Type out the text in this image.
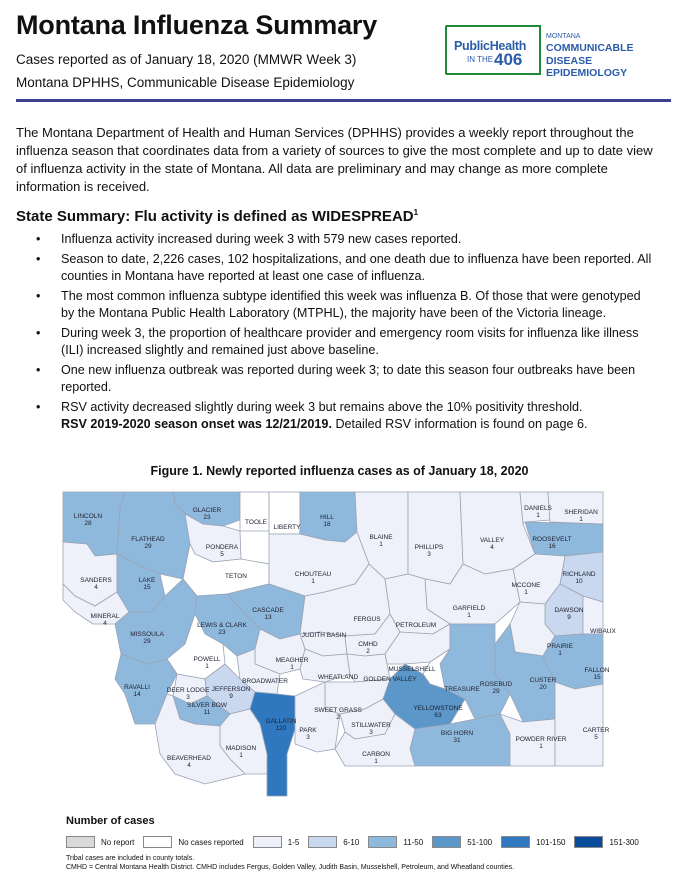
Montana Influenza Summary
Cases reported as of January 18, 2020 (MMWR Week 3)
Montana DPHHS, Communicable Disease Epidemiology
PublicHealth
IN THE 406
MONTANA
COMMUNICABLE
DISEASE EPIDEMIOLOGY
The Montana Department of Health and Human Services (DPHHS) provides a weekly report throughout the influenza season that coordinates data from a variety of sources to give the most complete and up to date view of influenza activity in the state of Montana. All data are preliminary and may change as more complete information is received.
State Summary: Flu activity is defined as WIDESPREAD$^1$
• Influenza activity increased during week 3 with 579 new cases reported.
• Season to date, 2,226 cases, 102 hospitalizations, and one death due to influenza have been reported. All counties in Montana have reported at least one case of influenza.
• The most common influenza subtype identified this week was influenza B. Of those that were genotyped by the Montana Public Health Laboratory (MTPHL), the majority have been of the Victoria lineage.
• During week 3, the proportion of healthcare provider and emergency room visits for influenza like illness (ILI) increased slightly and remained just above baseline.
• One new influenza outbreak was reported during week 3; to date this season four outbreaks have been reported.
• RSV activity decreased slightly during week 3 but remains above the 10% positivity threshold.
RSV 2019-2020 season onset was 12/21/2019. Detailed RSV information is found on page 6.
Figure 1. Newly reported influenza cases as of January 18, 2020
LINCOLN 28
GLACIER 23
TOOLE
LIBERTY
HILL 18
BLAINE 1	PHILLIPS 3
VALLEY 4
DANIELS 1	SHERIDAN 1
ROOSEVELT 16
FLATHEAD 29	PONDERA 5
TETON	CHOUTEAU 1
SANDERS 4
LAKE 15
RICHLAND 10
MCCONE 1
GARFIELD 1
DAWSON 9
MINERAL 4
CASCADE 13	FERGUS
PETROLEUM
JUDITH BASIN
WIBAUX
LEWIS & CLARK 23
MISSOULA 29	CMHD 2
PRAIRIE 1
POWELL 1
MEAGHER 1	MUSSELSHELL	FALLON 15
WHEATLAND GOLDEN VALLEY
RAVALLI 14
BROADWATER	CUSTER 20
ROSEBUD 29
TREASURE
DEER LODGE 3
JEFFERSON 9
SILVER BOW 11
YELLOWSTONE 63
GALLATIN 120
SWEET GRASS 2
PARK 3
STILLWATER 3	BIG HORN 31	POWDER RIVER 1
CARTER 5
MADISON 1
BEAVERHEAD 4
CARBON 1
Number of cases
No report	No cases reported	1-5	6-10	11-50	51-100	101-150	151-300
Tribal cases are included in county totals.
CMHD = Central Montana Health District. CMHD includes Fergus, Golden Valley, Judith Basin, Musselshell, Petroleum, and Wheatland counties.
